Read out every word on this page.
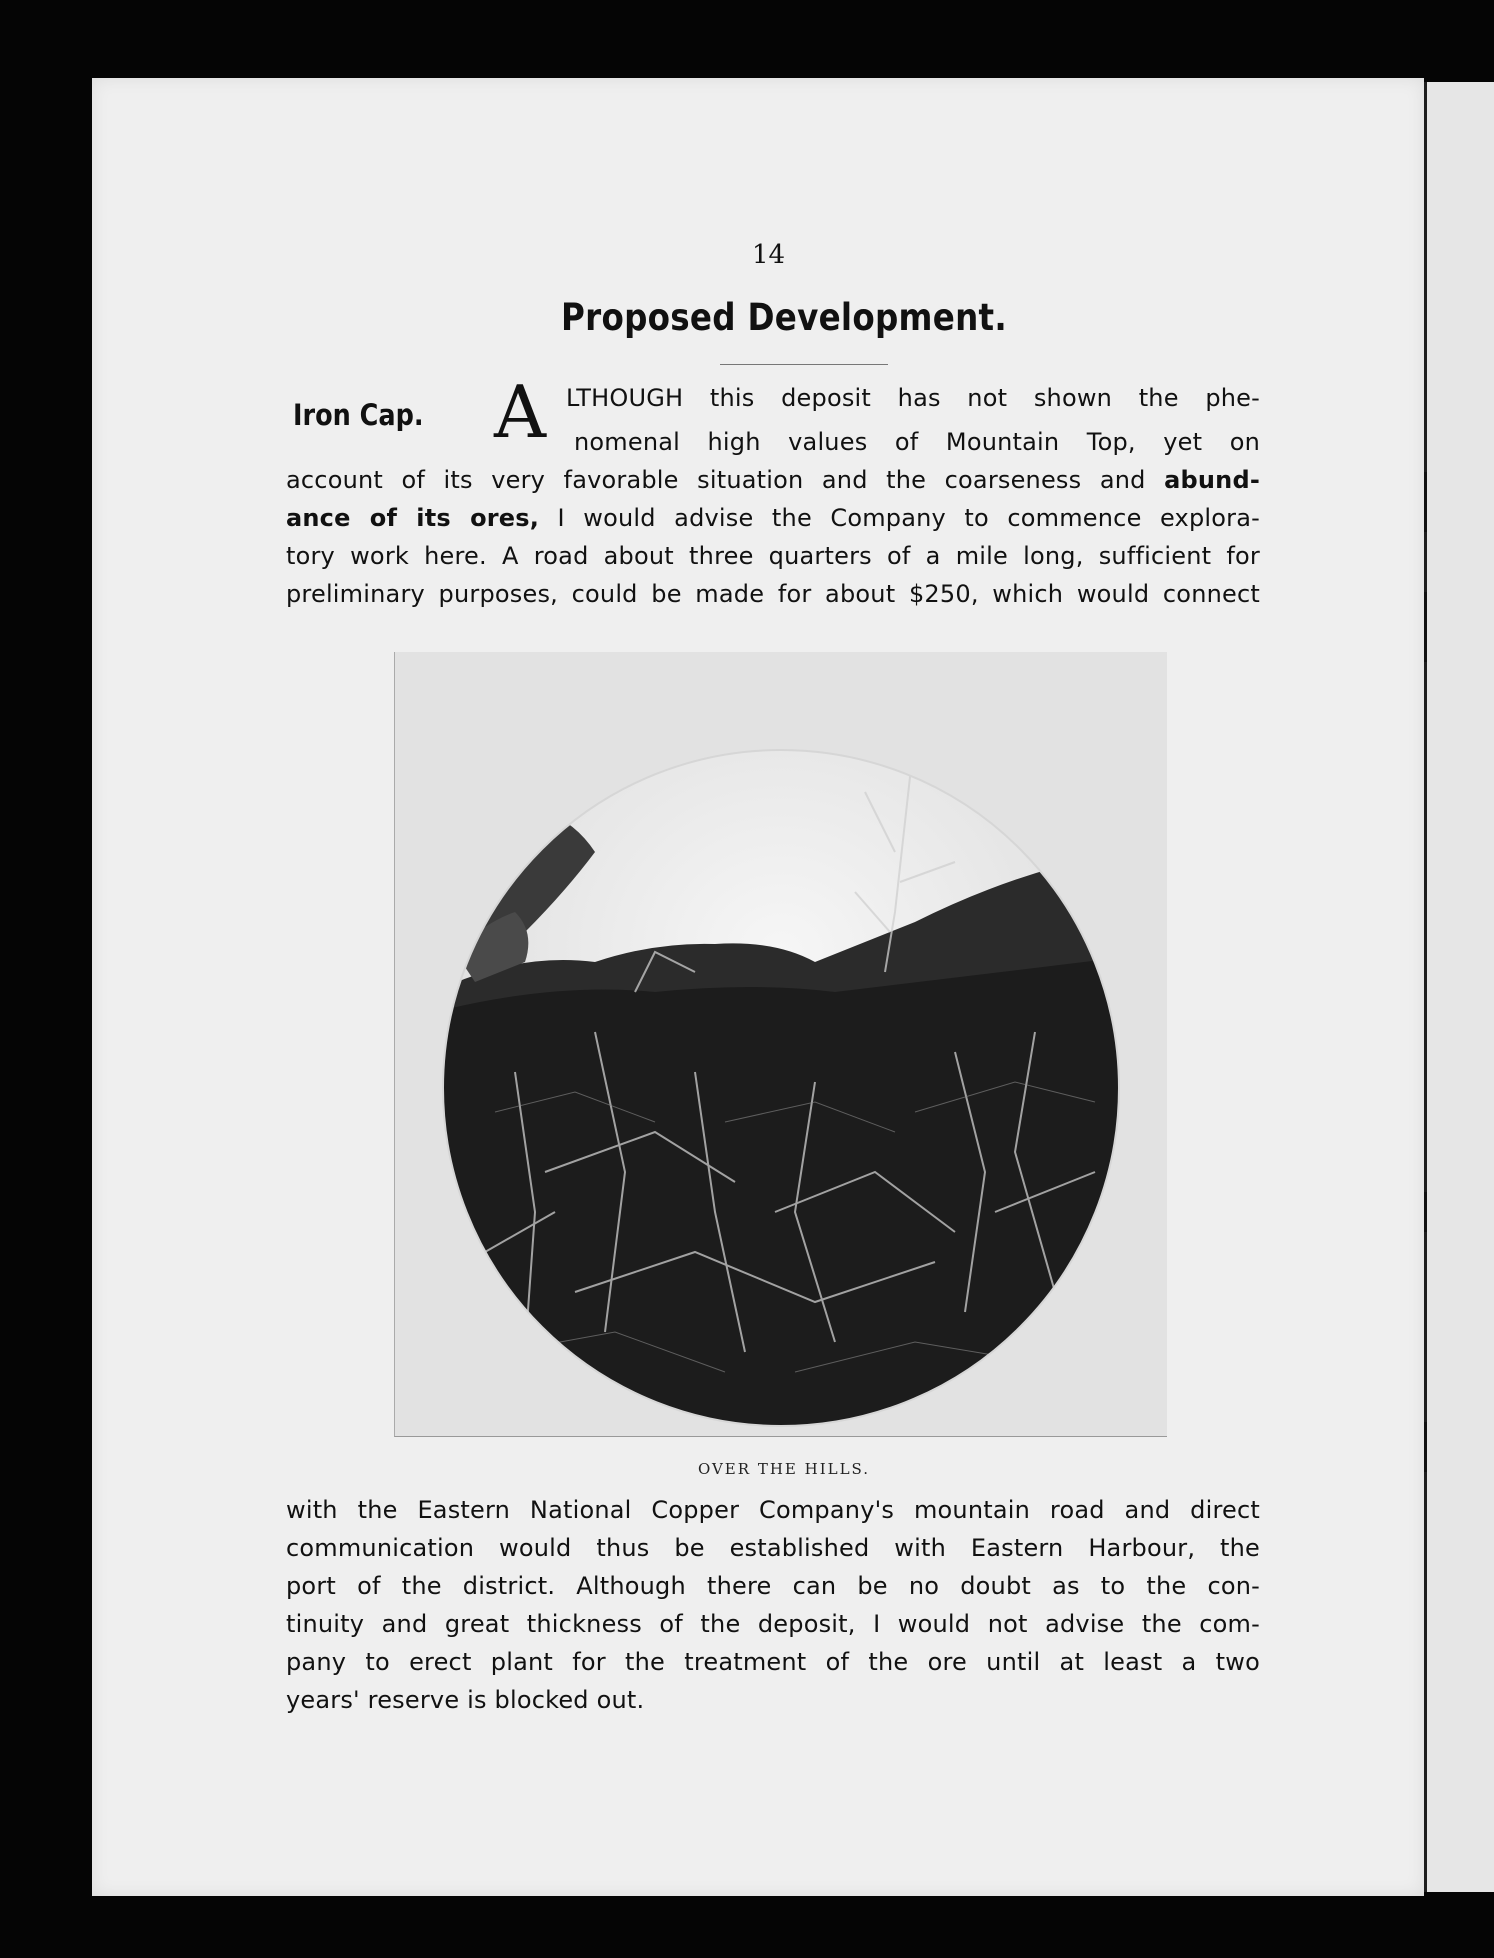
14
Proposed Development.
Iron Cap. A LTHOUGH this deposit has not shown the phe-
nomenal high values of Mountain Top, yet on
account of its very favorable situation and the coarseness and abund-
ance of its ores, I would advise the Company to commence explora-
tory work here. A road about three quarters of a mile long, sufficient for
preliminary purposes, could be made for about $250, which would connect
OVER THE HILLS.
with the Eastern National Copper Company's mountain road and direct
communication would thus be established with Eastern Harbour, the
port of the district. Although there can be no doubt as to the con-
tinuity and great thickness of the deposit, I would not advise the com-
pany to erect plant for the treatment of the ore until at least a two
years' reserve is blocked out.
